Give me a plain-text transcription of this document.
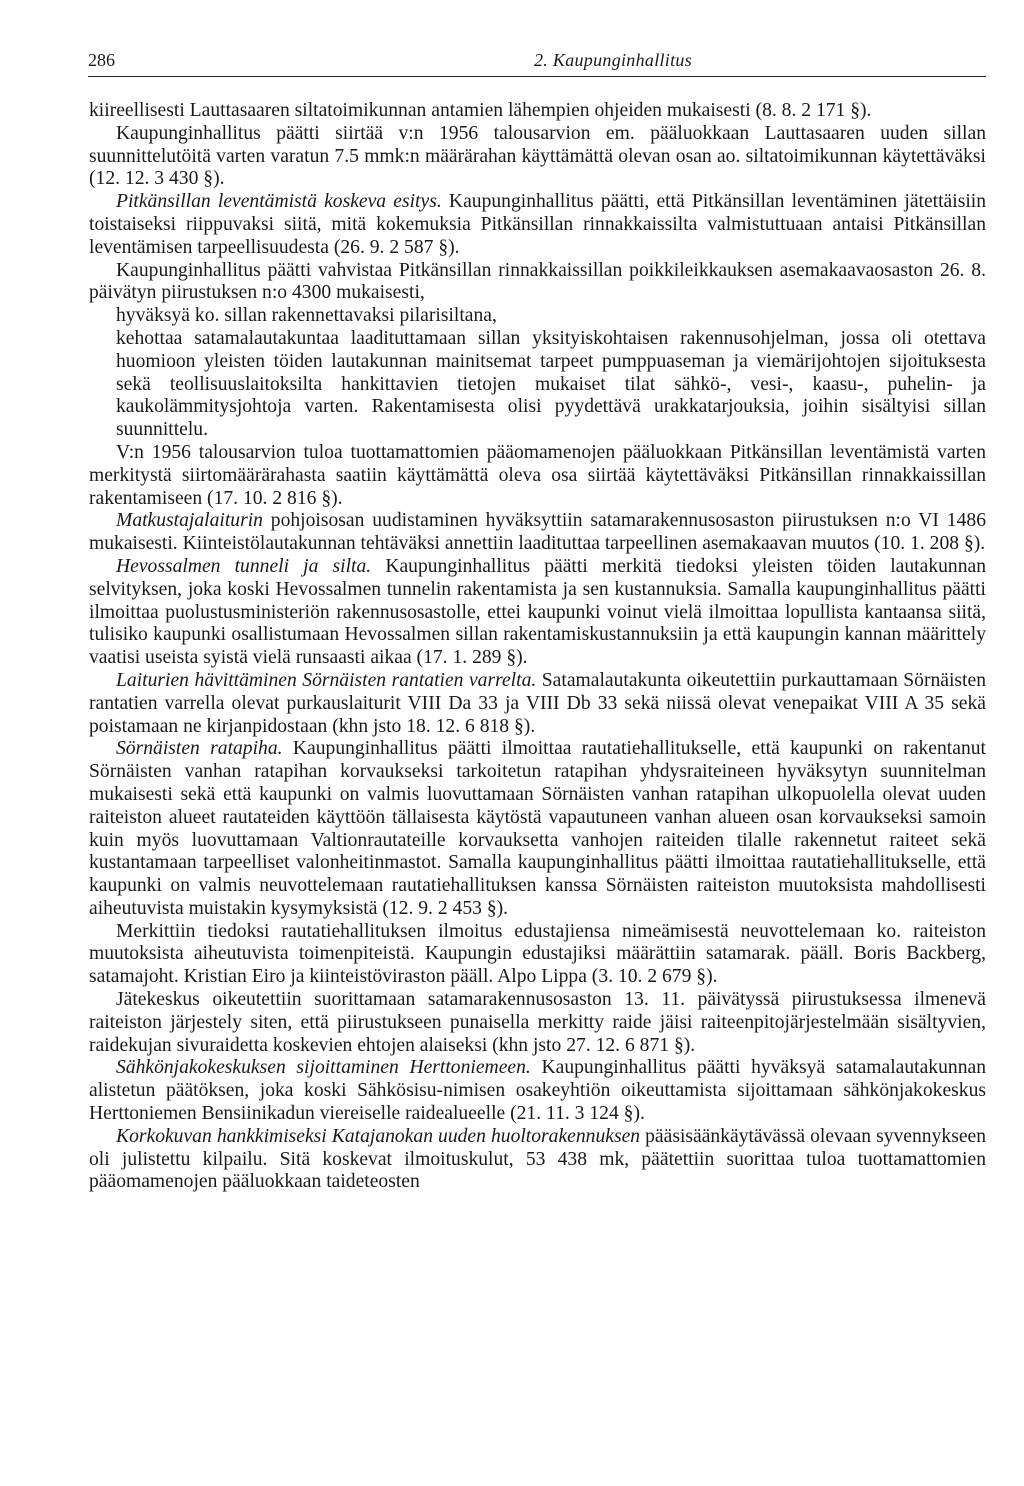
286	2. Kaupunginhallitus

kiireellisesti Lauttasaaren siltatoimikunnan antamien lähempien ohjeiden mukaisesti (8. 8. 2 171 §).

Kaupunginhallitus päätti siirtää v:n 1956 talousarvion em. pääluokkaan Lauttasaaren uuden sillan suunnittelutöitä varten varatun 7.5 mmk:n määrärahan käyttämättä olevan osan ao. siltatoimikunnan käytettäväksi (12. 12. 3 430 §).

Pitkänsillan leventämistä koskeva esitys. Kaupunginhallitus päätti, että Pitkänsillan leventäminen jätettäisiin toistaiseksi riippuvaksi siitä, mitä kokemuksia Pitkänsillan rinnakkaissilta valmistuttuaan antaisi Pitkänsillan leventämisen tarpeellisuudesta (26. 9. 2 587 §).

Kaupunginhallitus päätti vahvistaa Pitkänsillan rinnakkaissillan poikkileikkauksen asemakaavaosaston 26. 8. päivätyn piirustuksen n:o 4300 mukaisesti,

hyväksyä ko. sillan rakennettavaksi pilarisiltana,

kehottaa satamalautakuntaa laadituttamaan sillan yksityiskohtaisen rakennusohjelman, jossa oli otettava huomioon yleisten töiden lautakunnan mainitsemat tarpeet pumppuaseman ja viemärijohtojen sijoituksesta sekä teollisuuslaitoksilta hankittavien tietojen mukaiset tilat sähkö-, vesi-, kaasu-, puhelin- ja kaukolämmitysjohtoja varten. Rakentamisesta olisi pyydettävä urakkatarjouksia, joihin sisältyisi sillan suunnittelu.

V:n 1956 talousarvion tuloa tuottamattomien pääomamenojen pääluokkaan Pitkänsillan leventämistä varten merkitystä siirtomäärärahasta saatiin käyttämättä oleva osa siirtää käytettäväksi Pitkänsillan rinnakkaissillan rakentamiseen (17. 10. 2 816 §).

Matkustajalaiturin pohjoisosan uudistaminen hyväksyttiin satamarakennusosaston piirustuksen n:o VI 1486 mukaisesti. Kiinteistölautakunnan tehtäväksi annettiin laadituttaa tarpeellinen asemakaavan muutos (10. 1. 208 §).

Hevossalmen tunneli ja silta. Kaupunginhallitus päätti merkitä tiedoksi yleisten töiden lautakunnan selvityksen, joka koski Hevossalmen tunnelin rakentamista ja sen kustannuksia. Samalla kaupunginhallitus päätti ilmoittaa puolustusministeriön rakennusosastolle, ettei kaupunki voinut vielä ilmoittaa lopullista kantaansa siitä, tulisiko kaupunki osallistumaan Hevossalmen sillan rakentamiskustannuksiin ja että kaupungin kannan määrittely vaatisi useista syistä vielä runsaasti aikaa (17. 1. 289 §).

Laiturien hävittäminen Sörnäisten rantatien varrelta. Satamalautakunta oikeutettiin purkauttamaan Sörnäisten rantatien varrella olevat purkauslaiturit VIII Da 33 ja VIII Db 33 sekä niissä olevat venepaikat VIII A 35 sekä poistamaan ne kirjanpidostaan (khn jsto 18. 12. 6 818 §).

Sörnäisten ratapiha. Kaupunginhallitus päätti ilmoittaa rautatiehallitukselle, että kaupunki on rakentanut Sörnäisten vanhan ratapihan korvaukseksi tarkoitetun ratapihan yhdysraiteineen hyväksytyn suunnitelman mukaisesti sekä että kaupunki on valmis luovuttamaan Sörnäisten vanhan ratapihan ulkopuolella olevat uuden raiteiston alueet rautateiden käyttöön tällaisesta käytöstä vapautuneen vanhan alueen osan korvaukseksi samoin kuin myös luovuttamaan Valtionrautateille korvauksetta vanhojen raiteiden tilalle rakennetut raiteet sekä kustantamaan tarpeelliset valonheitinmastot. Samalla kaupunginhallitus päätti ilmoittaa rautatiehallitukselle, että kaupunki on valmis neuvottelemaan rautatiehallituksen kanssa Sörnäisten raiteiston muutoksista mahdollisesti aiheutuvista muistakin kysymyksistä (12. 9. 2 453 §).

Merkittiin tiedoksi rautatiehallituksen ilmoitus edustajiensa nimeämisestä neuvottelemaan ko. raiteiston muutoksista aiheutuvista toimenpiteistä. Kaupungin edustajiksi määrättiin satamarak. pääll. Boris Backberg, satamajoht. Kristian Eiro ja kiinteistöviraston pääll. Alpo Lippa (3. 10. 2 679 §).

Jätekeskus oikeutettiin suorittamaan satamarakennusosaston 13. 11. päivätyssä piirustuksessa ilmenevä raiteiston järjestely siten, että piirustukseen punaisella merkitty raide jäisi raiteenpitojärjestelmään sisältyvien, raidekujan sivuraidetta koskevien ehtojen alaiseksi (khn jsto 27. 12. 6 871 §).

Sähkönjakokeskuksen sijoittaminen Herttoniemeen. Kaupunginhallitus päätti hyväksyä satamalautakunnan alistetun päätöksen, joka koski Sähkösisu-nimisen osakeyhtiön oikeuttamista sijoittamaan sähkönjakokeskus Herttoniemen Bensiinikadun viereiselle raidealueelle (21. 11. 3 124 §).

Korkokuvan hankkimiseksi Katajanokan uuden huoltorakennuksen pääsisäänkäytävässä olevaan syvennykseen oli julistettu kilpailu. Sitä koskevat ilmoituskulut, 53 438 mk, päätettiin suorittaa tuloa tuottamattomien pääomamenojen pääluokkaan taideteosten
